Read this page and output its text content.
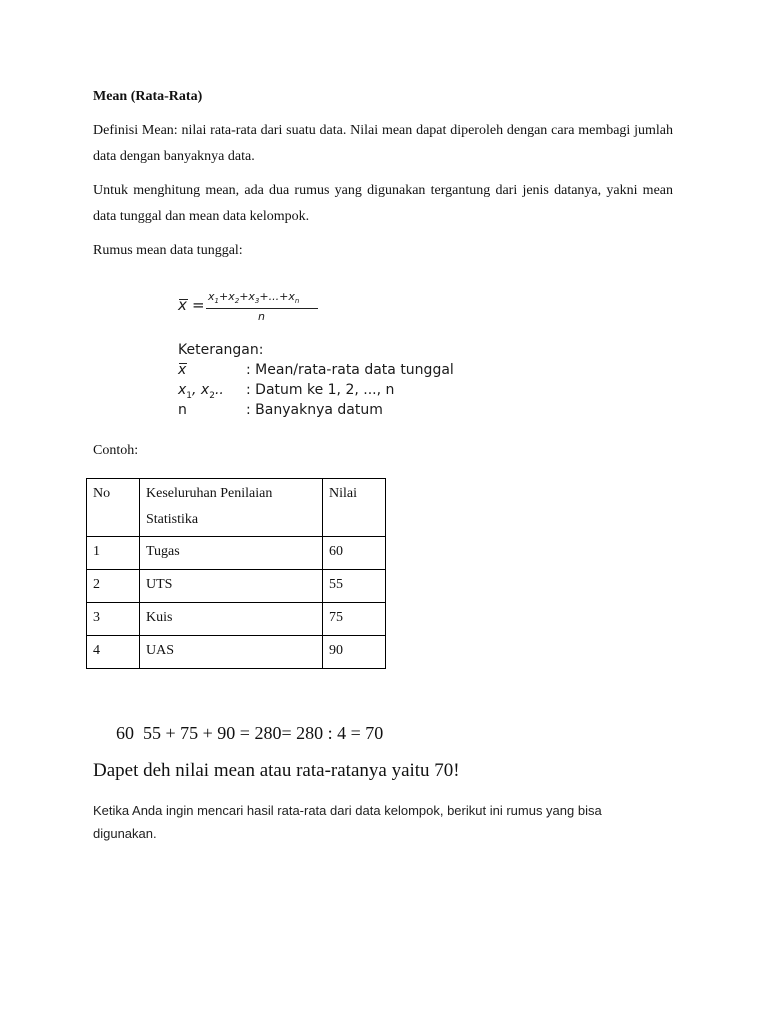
Mean (Rata-Rata)

Definisi Mean: nilai rata-rata dari suatu data. Nilai mean dapat diperoleh dengan cara membagi jumlah data dengan banyaknya data.

Untuk menghitung mean, ada dua rumus yang digunakan tergantung dari jenis datanya, yakni mean data tunggal dan mean data kelompok.

Rumus mean data tunggal:

$x = x_1+x_2+x_3+...+x_n$
n
Keterangan:
x	: Mean/rata-rata data tunggal
$x_1$, $x_2$.. : Datum ke 1, 2, ..., n
n	: Banyaknya datum
Contoh:
No	Keseluruhan Penilaian Statistika	Nilai
1	Tugas	60
2	UTS	55
3	Kuis	75
4	UAS	90
60  55 + 75 + 90 = 280= 280 : 4 = 70
Dapet deh nilai mean atau rata-ratanya yaitu 70!

Ketika Anda ingin mencari hasil rata-rata dari data kelompok, berikut ini rumus yang bisa digunakan.
